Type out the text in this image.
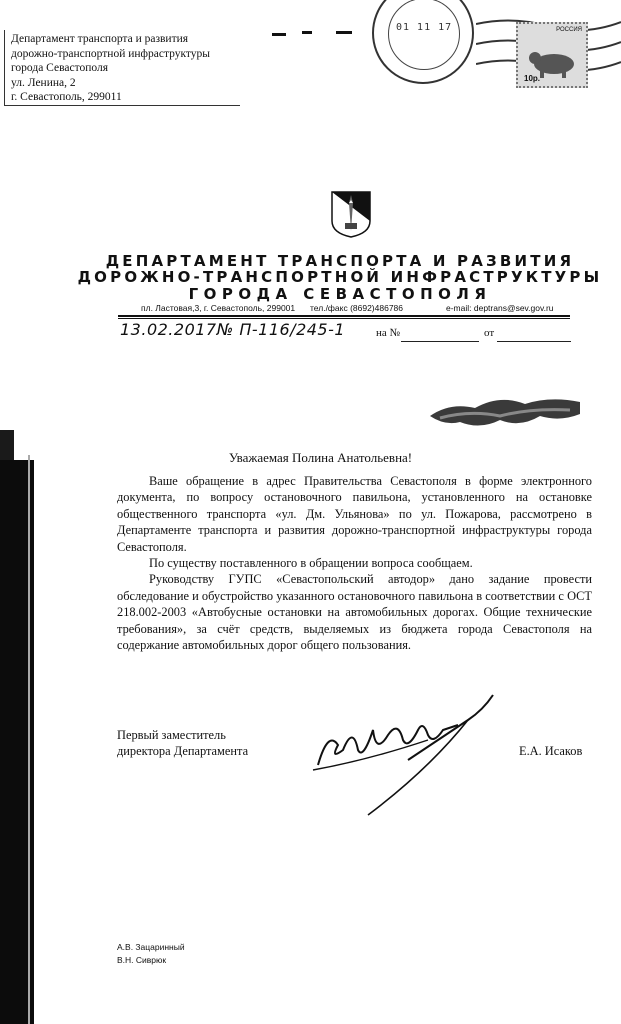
Департамент транспорта и развития
дорожно-транспортной инфраструктуры
города Севастополя
ул. Ленина, 2
г. Севастополь, 299011
01 11 17	РОССИЯ
10р.
ДЕПАРТАМЕНТ ТРАНСПОРТА И РАЗВИТИЯ
ДОРОЖНО-ТРАНСПОРТНОЙ ИНФРАСТРУКТУРЫ
ГОРОДА СЕВАСТОПОЛЯ
пл. Ластовая,3, г. Севастополь, 299001 тел./факс (8692)486786	e-mail: deptrans@sev.gov.ru
13.02.2017№ П-116/245-1	на №	от
Уважаемая Полина Анатольевна!

Ваше обращение в адрес Правительства Севастополя в форме электронного документа, по вопросу остановочного павильона, установленного на остановке общественного транспорта «ул. Дм. Ульянова» по ул. Пожарова, рассмотрено в Департаменте транспорта и развития дорожно-транспортной инфраструктуры города Севастополя.

По существу поставленного в обращении вопроса сообщаем.

Руководству ГУПС «Севастопольский автодор» дано задание провести обследование и обустройство указанного остановочного павильона в соответствии с ОСТ 218.002-2003 «Автобусные остановки на автомобильных дорогах. Общие технические требования», за счёт средств, выделяемых из бюджета города Севастополя на содержание автомобильных дорог общего пользования.

Первый заместитель
директора Департамента	Е.А. Исаков
А.В. Зацаринный
В.Н. Сиврюк
